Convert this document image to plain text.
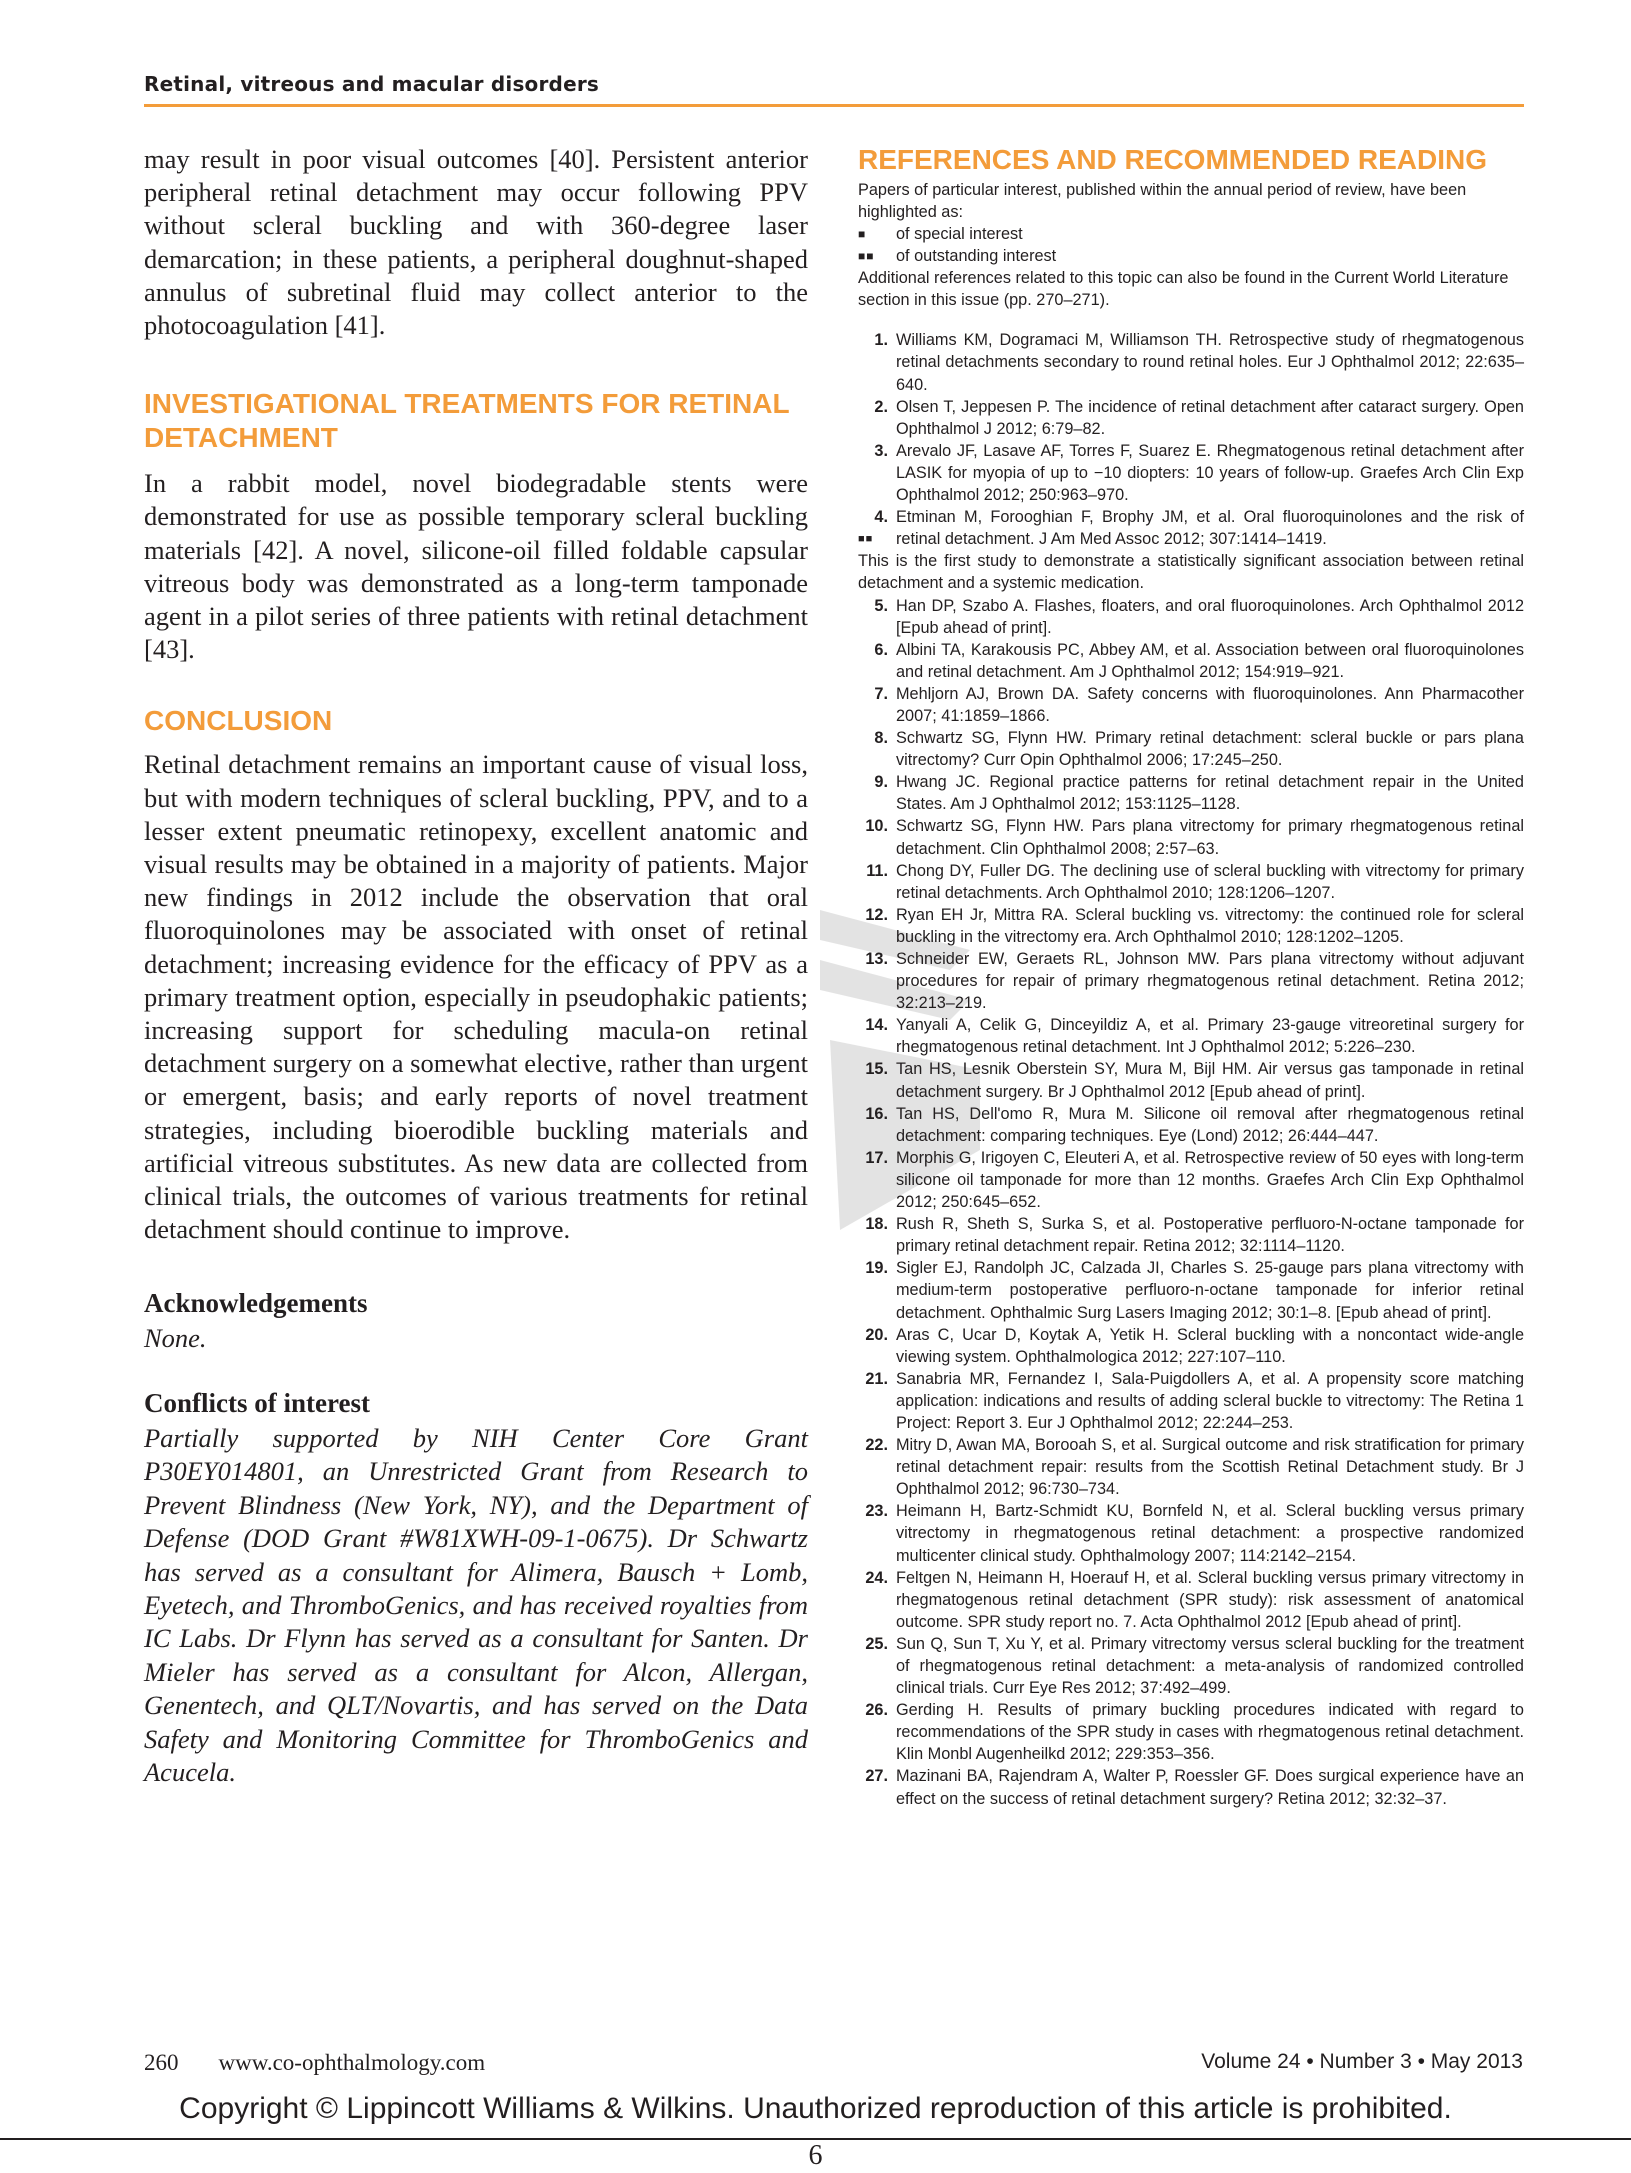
Retinal, vitreous and macular disorders

may result in poor visual outcomes [40]. Persistent anterior peripheral retinal detachment may occur following PPV without scleral buckling and with 360-degree laser demarcation; in these patients, a peripheral doughnut-shaped annulus of subretinal fluid may collect anterior to the photocoagulation [41].

INVESTIGATIONAL TREATMENTS FOR RETINAL DETACHMENT

In a rabbit model, novel biodegradable stents were demonstrated for use as possible temporary scleral buckling materials [42]. A novel, silicone-oil filled foldable capsular vitreous body was demonstrated as a long-term tamponade agent in a pilot series of three patients with retinal detachment [43].

CONCLUSION

Retinal detachment remains an important cause of visual loss, but with modern techniques of scleral buckling, PPV, and to a lesser extent pneumatic retinopexy, excellent anatomic and visual results may be obtained in a majority of patients. Major new findings in 2012 include the observation that oral fluoroquinolones may be associated with onset of retinal detachment; increasing evidence for the efficacy of PPV as a primary treatment option, especially in pseudophakic patients; increasing support for scheduling macula-on retinal detachment surgery on a somewhat elective, rather than urgent or emergent, basis; and early reports of novel treatment strategies, including bioerodible buckling materials and artificial vitreous substitutes. As new data are collected from clinical trials, the outcomes of various treatments for retinal detachment should continue to improve.

Acknowledgements

None.

Conflicts of interest

Partially supported by NIH Center Core Grant P30EY014801, an Unrestricted Grant from Research to Prevent Blindness (New York, NY), and the Department of Defense (DOD Grant #W81XWH-09-1-0675). Dr Schwartz has served as a consultant for Alimera, Bausch + Lomb, Eyetech, and ThromboGenics, and has received royalties from IC Labs. Dr Flynn has served as a consultant for Santen. Dr Mieler has served as a consultant for Alcon, Allergan, Genentech, and QLT/Novartis, and has served on the Data Safety and Monitoring Committee for ThromboGenics and Acucela.

REFERENCES AND RECOMMENDED READING

Papers of particular interest, published within the annual period of review, have been highlighted as:

■	of special interest
■■	of outstanding interest

Additional references related to this topic can also be found in the Current World Literature section in this issue (pp. 270–271).

1. Williams KM, Dogramaci M, Williamson TH. Retrospective study of rhegmatogenous retinal detachments secondary to round retinal holes. Eur J Ophthalmol 2012; 22:635–640.
2. Olsen T, Jeppesen P. The incidence of retinal detachment after cataract surgery. Open Ophthalmol J 2012; 6:79–82.
3. Arevalo JF, Lasave AF, Torres F, Suarez E. Rhegmatogenous retinal detachment after LASIK for myopia of up to −10 diopters: 10 years of follow-up. Graefes Arch Clin Exp Ophthalmol 2012; 250:963–970.
4. Etminan M, Forooghian F, Brophy JM, et al. Oral fluoroquinolones and the risk of retinal detachment. J Am Med Assoc 2012; 307:1414–1419.
■■

This is the first study to demonstrate a statistically significant association between retinal detachment and a systemic medication.

5. Han DP, Szabo A. Flashes, floaters, and oral fluoroquinolones. Arch Ophthalmol 2012 [Epub ahead of print].
6. Albini TA, Karakousis PC, Abbey AM, et al. Association between oral fluoroquinolones and retinal detachment. Am J Ophthalmol 2012; 154:919–921.
7. Mehljorn AJ, Brown DA. Safety concerns with fluoroquinolones. Ann Pharmacother 2007; 41:1859–1866.
8. Schwartz SG, Flynn HW. Primary retinal detachment: scleral buckle or pars plana vitrectomy? Curr Opin Ophthalmol 2006; 17:245–250.
9. Hwang JC. Regional practice patterns for retinal detachment repair in the United States. Am J Ophthalmol 2012; 153:1125–1128.
10. Schwartz SG, Flynn HW. Pars plana vitrectomy for primary rhegmatogenous retinal detachment. Clin Ophthalmol 2008; 2:57–63.
11. Chong DY, Fuller DG. The declining use of scleral buckling with vitrectomy for primary retinal detachments. Arch Ophthalmol 2010; 128:1206–1207.
12. Ryan EH Jr, Mittra RA. Scleral buckling vs. vitrectomy: the continued role for scleral buckling in the vitrectomy era. Arch Ophthalmol 2010; 128:1202–1205.
13. Schneider EW, Geraets RL, Johnson MW. Pars plana vitrectomy without adjuvant procedures for repair of primary rhegmatogenous retinal detachment. Retina 2012; 32:213–219.
14. Yanyali A, Celik G, Dinceyildiz A, et al. Primary 23-gauge vitreoretinal surgery for rhegmatogenous retinal detachment. Int J Ophthalmol 2012; 5:226–230.
15. Tan HS, Lesnik Oberstein SY, Mura M, Bijl HM. Air versus gas tamponade in retinal detachment surgery. Br J Ophthalmol 2012 [Epub ahead of print].
16. Tan HS, Dell'omo R, Mura M. Silicone oil removal after rhegmatogenous retinal detachment: comparing techniques. Eye (Lond) 2012; 26:444–447.
17. Morphis G, Irigoyen C, Eleuteri A, et al. Retrospective review of 50 eyes with long-term silicone oil tamponade for more than 12 months. Graefes Arch Clin Exp Ophthalmol 2012; 250:645–652.
18. Rush R, Sheth S, Surka S, et al. Postoperative perfluoro-N-octane tamponade for primary retinal detachment repair. Retina 2012; 32:1114–1120.
19. Sigler EJ, Randolph JC, Calzada JI, Charles S. 25-gauge pars plana vitrectomy with medium-term postoperative perfluoro-n-octane tamponade for inferior retinal detachment. Ophthalmic Surg Lasers Imaging 2012; 30:1–8. [Epub ahead of print].
20. Aras C, Ucar D, Koytak A, Yetik H. Scleral buckling with a noncontact wide-angle viewing system. Ophthalmologica 2012; 227:107–110.
21. Sanabria MR, Fernandez I, Sala-Puigdollers A, et al. A propensity score matching application: indications and results of adding scleral buckle to vitrectomy: The Retina 1 Project: Report 3. Eur J Ophthalmol 2012; 22:244–253.
22. Mitry D, Awan MA, Borooah S, et al. Surgical outcome and risk stratification for primary retinal detachment repair: results from the Scottish Retinal Detachment study. Br J Ophthalmol 2012; 96:730–734.
23. Heimann H, Bartz-Schmidt KU, Bornfeld N, et al. Scleral buckling versus primary vitrectomy in rhegmatogenous retinal detachment: a prospective randomized multicenter clinical study. Ophthalmology 2007; 114:2142–2154.
24. Feltgen N, Heimann H, Hoerauf H, et al. Scleral buckling versus primary vitrectomy in rhegmatogenous retinal detachment (SPR study): risk assessment of anatomical outcome. SPR study report no. 7. Acta Ophthalmol 2012 [Epub ahead of print].
25. Sun Q, Sun T, Xu Y, et al. Primary vitrectomy versus scleral buckling for the treatment of rhegmatogenous retinal detachment: a meta-analysis of randomized controlled clinical trials. Curr Eye Res 2012; 37:492–499.
26. Gerding H. Results of primary buckling procedures indicated with regard to recommendations of the SPR study in cases with rhegmatogenous retinal detachment. Klin Monbl Augenheilkd 2012; 229:353–356.
27. Mazinani BA, Rajendram A, Walter P, Roessler GF. Does surgical experience have an effect on the success of retinal detachment surgery? Retina 2012; 32:32–37.
260 www.co-ophthalmology.com	Volume 24 • Number 3 • May 2013
Copyright © Lippincott Williams & Wilkins. Unauthorized reproduction of this article is prohibited.
6
